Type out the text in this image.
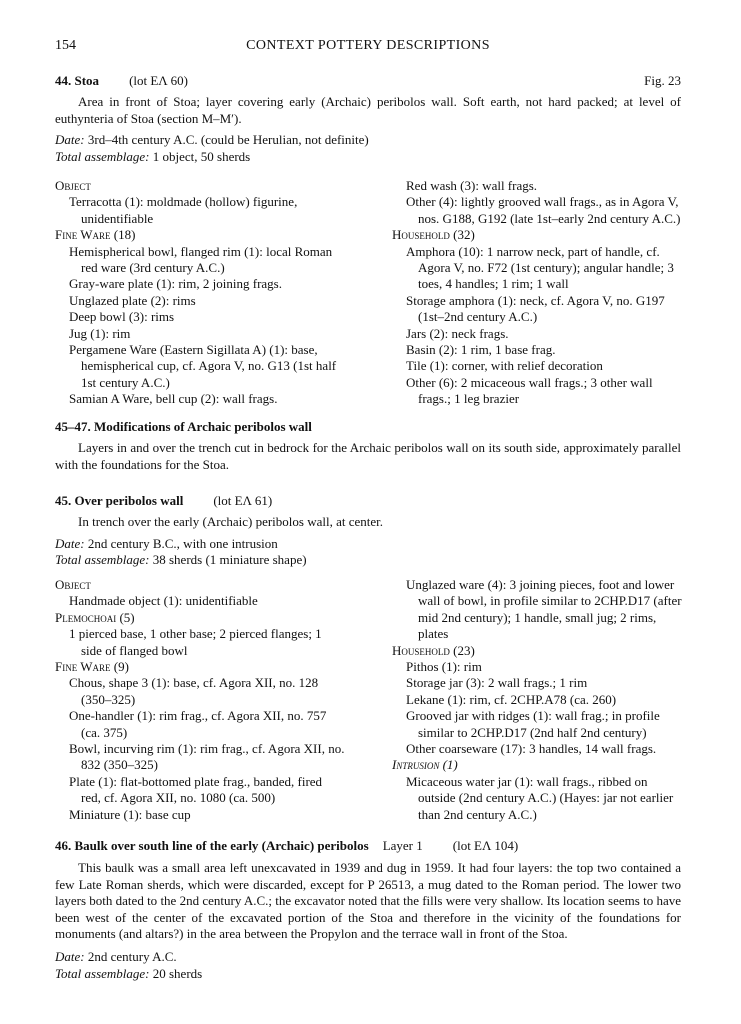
154	CONTEXT POTTERY DESCRIPTIONS
44. Stoa (lot EΛ 60)	Fig. 23
Area in front of Stoa; layer covering early (Archaic) peribolos wall. Soft earth, not hard packed; at level of euthynteria of Stoa (section M–M′).
Date: 3rd–4th century A.C. (could be Herulian, not definite)
Total assemblage: 1 object, 50 sherds
Object
Terracotta (1): moldmade (hollow) figurine, unidentifiable
Fine Ware (18)
Hemispherical bowl, flanged rim (1): local Roman red ware (3rd century A.C.)
Gray-ware plate (1): rim, 2 joining frags.
Unglazed plate (2): rims
Deep bowl (3): rims
Jug (1): rim
Pergamene Ware (Eastern Sigillata A) (1): base, hemispherical cup, cf. Agora V, no. G13 (1st half 1st century A.C.)
Samian A Ware, bell cup (2): wall frags.
Red wash (3): wall frags.
Other (4): lightly grooved wall frags., as in Agora V, nos. G188, G192 (late 1st–early 2nd century A.C.)
Household (32)
Amphora (10): 1 narrow neck, part of handle, cf. Agora V, no. F72 (1st century); angular handle; 3 toes, 4 handles; 1 rim; 1 wall
Storage amphora (1): neck, cf. Agora V, no. G197 (1st–2nd century A.C.)
Jars (2): neck frags.
Basin (2): 1 rim, 1 base frag.
Tile (1): corner, with relief decoration
Other (6): 2 micaceous wall frags.; 3 other wall frags.; 1 leg brazier
45–47. Modifications of Archaic peribolos wall
Layers in and over the trench cut in bedrock for the Archaic peribolos wall on its south side, approximately parallel with the foundations for the Stoa.
45. Over peribolos wall (lot EΛ 61)
In trench over the early (Archaic) peribolos wall, at center.
Date: 2nd century B.C., with one intrusion
Total assemblage: 38 sherds (1 miniature shape)
Object
Handmade object (1): unidentifiable
Plemochoai (5)
1 pierced base, 1 other base; 2 pierced flanges; 1 side of flanged bowl
Fine Ware (9)
Chous, shape 3 (1): base, cf. Agora XII, no. 128 (350–325)
One-handler (1): rim frag., cf. Agora XII, no. 757 (ca. 375)
Bowl, incurving rim (1): rim frag., cf. Agora XII, no. 832 (350–325)
Plate (1): flat-bottomed plate frag., banded, fired red, cf. Agora XII, no. 1080 (ca. 500)
Miniature (1): base cup
Unglazed ware (4): 3 joining pieces, foot and lower wall of bowl, in profile similar to 2CHP.D17 (after mid 2nd century); 1 handle, small jug; 2 rims, plates
Household (23)
Pithos (1): rim
Storage jar (3): 2 wall frags.; 1 rim
Lekane (1): rim, cf. 2CHP.A78 (ca. 260)
Grooved jar with ridges (1): wall frag.; in profile similar to 2CHP.D17 (2nd half 2nd century)
Other coarseware (17): 3 handles, 14 wall frags.
Intrusion (1)
Micaceous water jar (1): wall frags., ribbed on outside (2nd century A.C.) (Hayes: jar not earlier than 2nd century A.C.)
46. Baulk over south line of the early (Archaic) peribolos Layer 1 (lot EΛ 104)
This baulk was a small area left unexcavated in 1939 and dug in 1959. It had four layers: the top two contained a few Late Roman sherds, which were discarded, except for P 26513, a mug dated to the Roman period. The lower two layers both dated to the 2nd century A.C.; the excavator noted that the fills were very shallow. Its location seems to have been west of the center of the excavated portion of the Stoa and therefore in the vicinity of the foundations for monuments (and altars?) in the area between the Propylon and the terrace wall in front of the Stoa.
Date: 2nd century A.C.
Total assemblage: 20 sherds
